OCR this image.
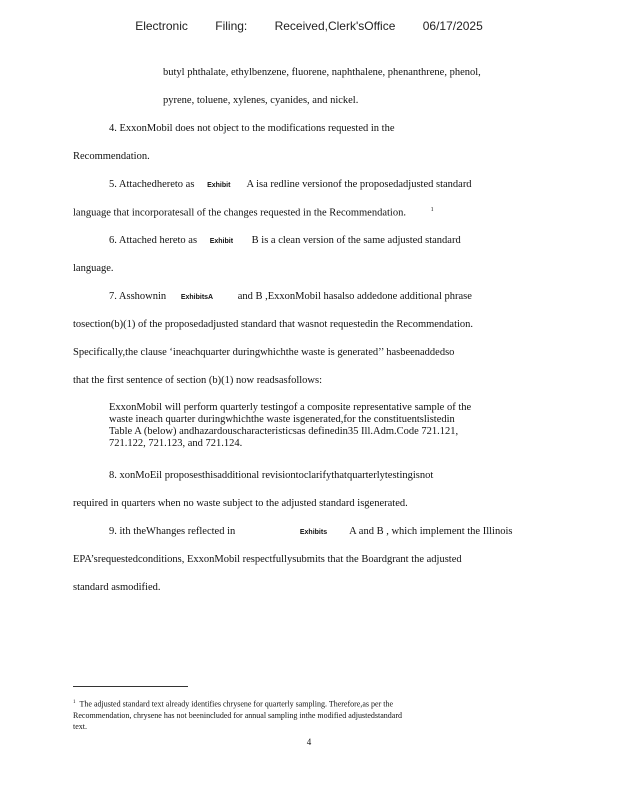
Electronic Filing: Received,Clerk'sOffice 06/17/2025
butyl phthalate, ethylbenzene, fluorene, naphthalene, phenanthrene, phenol,
pyrene, toluene, xylenes, cyanides, and nickel.
4. ExxonMobil does not object to the modifications requested in the
Recommendation.
5. Attachedhereto as Exhibit A isa redline versionof the proposedadjusted standard
language that incorporatesall of the changes requested in the Recommendation.	$^1$
6. Attached hereto as Exhibit B is a clean version of the same adjusted standard
language.
7. Asshownin ExhibitsA and B ,ExxonMobil hasalso addedone additional phrase
tosection(b)(1) of the proposedadjusted standard that wasnot requestedin the Recommendation.
Specifically,the clause ‘ineachquarter duringwhichthe waste is generated’’ hasbeenaddedso
that the first sentence of section (b)(1) now readsasfollows:
ExxonMobil will perform quarterly testingof a composite representative sample of the
waste ineach quarter duringwhichthe waste isgenerated,for the constituentslistedin
Table A (below) andhazardouscharacteristicsas definedin35 Ill.Adm.Code 721.121,
721.122, 721.123, and 721.124.
8. xonMoEil proposesthisadditional revisiontoclarifythatquarterlytestingisnot
required in quarters when no waste subject to the adjusted standard isgenerated.
9. ith theWhanges reflected in	Exhibits A and B , which implement the Illinois
EPA’srequestedconditions, ExxonMobil respectfullysubmits that the Boardgrant the adjusted
standard asmodified.
$^1$ The adjusted standard text already identifies chrysene for quarterly sampling. Therefore,as per the
Recommendation, chrysene has not beenincluded for annual sampling inthe modified adjustedstandard
text.
4
